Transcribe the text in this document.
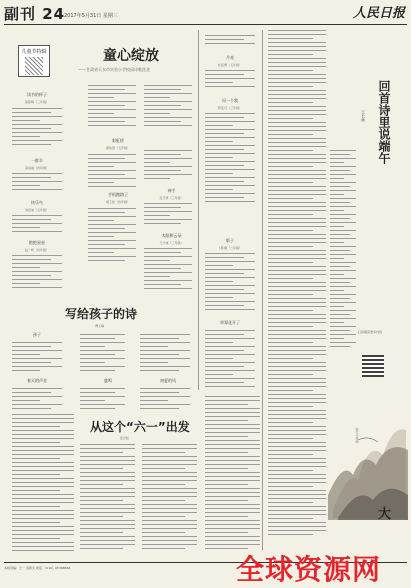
副刊 24
2017年5月31日 星期三	人民日报
儿童节特辑	童心绽放
——甘肃省天水市实验小学校园诗歌选登
读书的样子
高阳嫣（三年级）
一群羊
高雨涵（四年级）
快乐鸟
刘宸旭（五年级）
抱抱星星
赵一鸣（四年级）
彩虹桥
郝依萱（五年级）
手机跑路了
胡王欣（四年级）
神手
张子妍（三年级）
太阳和云朵
王子彧（三年级）
月亮
杜钰博（五年级）
问一个我
陈奕可（三年级）
影子
卜陈瀚（二年级）
草莓花开了
写给孩子的诗
傅天琳
孩子
春天的声音	鹿鸣	初夏的风
从这个“六一”出发
张洪虹
回首诗里说端午
王长林
扫码阅读更多内容
张大千作品
大
本版责编：王一 袁新文 电话：（010）65368866	全球资源网
